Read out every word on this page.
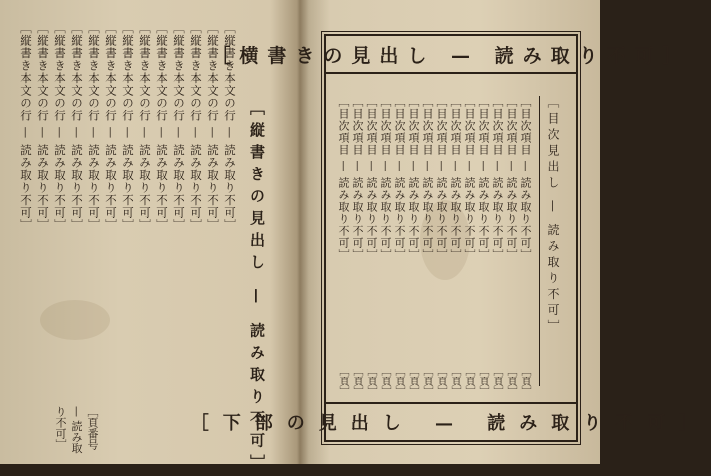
［縦書きの見出し — 読み取り不可］
［縦書き本文の行 — 読み取り不可］
［縦書き本文の行 — 読み取り不可］
［縦書き本文の行 — 読み取り不可］
［縦書き本文の行 — 読み取り不可］
［縦書き本文の行 — 読み取り不可］
［縦書き本文の行 — 読み取り不可］
［縦書き本文の行 — 読み取り不可］
［縦書き本文の行 — 読み取り不可］
［縦書き本文の行 — 読み取り不可］
［縦書き本文の行 — 読み取り不可］
［縦書き本文の行 — 読み取り不可］
［縦書き本文の行 — 読み取り不可］
［縦書き本文の行 — 読み取り不可］
［頁番号 — 読み取り不可］
［横書きの見出し — 読み取り不可］
［目次見出し — 読み取り不可］
［目次項目 — 読み取り不可］
［頁］
［目次項目 — 読み取り不可］
［頁］
［目次項目 — 読み取り不可］
［頁］
［目次項目 — 読み取り不可］
［頁］
［目次項目 — 読み取り不可］
［頁］
［目次項目 — 読み取り不可］
［頁］
［目次項目 — 読み取り不可］
［頁］
［目次項目 — 読み取り不可］
［頁］
［目次項目 — 読み取り不可］
［頁］
［目次項目 — 読み取り不可］
［頁］
［目次項目 — 読み取り不可］
［頁］
［目次項目 — 読み取り不可］
［頁］
［目次項目 — 読み取り不可］
［頁］
［目次項目 — 読み取り不可］
［頁］
［下部の見出し — 読み取り不可］
